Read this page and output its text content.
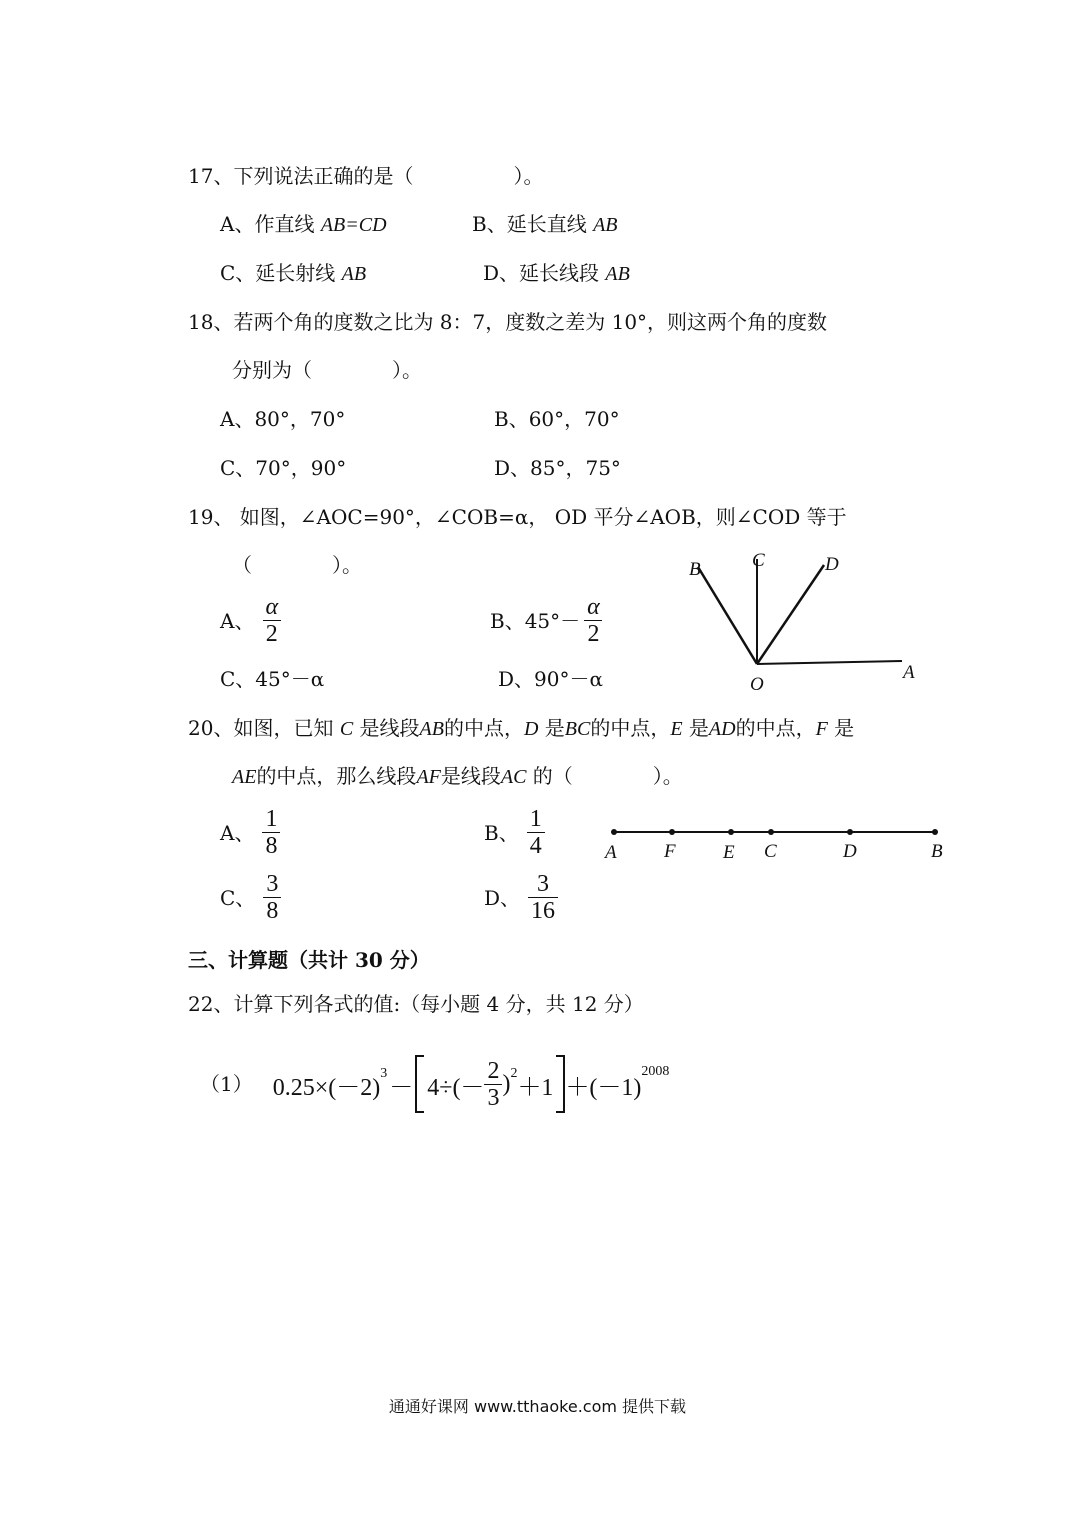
17、下列说法正确的是（　　　　　）。
A、作直线 AB=CD	B、延长直线 AB
C、延长射线 AB	D、延长线段 AB
18、若两个角的度数之比为 8：7，度数之差为 10°，则这两个角的度数
分别为（　　　　）。
A、80°，70°	B、60°，70°
C、70°，90°	D、85°，75°
19、 如图，∠AOC=90°，∠COB=α， OD 平分∠AOB，则∠COD 等于
（　　　　）。
A、 $\frac{\alpha}{2}$	B、$45^\circ- \frac{\alpha}{2}$
C、45°－α	D、90°－α
B	C	D
O
A
20、如图，已知 C 是线段AB的中点，D 是BC的中点，E 是AD的中点，F 是
AE的中点，那么线段AF是线段AC 的（　　　　）。
A、 $\frac{1}{8}$	B、 $\frac{1}{4}$
C、 $\frac{3}{8}$	D、 $\frac{3}{16}$
A F E C	D	B
三、计算题（共计 30 分）
22、计算下列各式的值:（每小题 4 分，共 12 分）
（1） 0.25×(－2)
$^3$
－ $4\div(- \frac{2}{3} )^2$
＋1 ＋(－1)
$^{2008}$
通通好课网 www.tthaoke.com 提供下载
